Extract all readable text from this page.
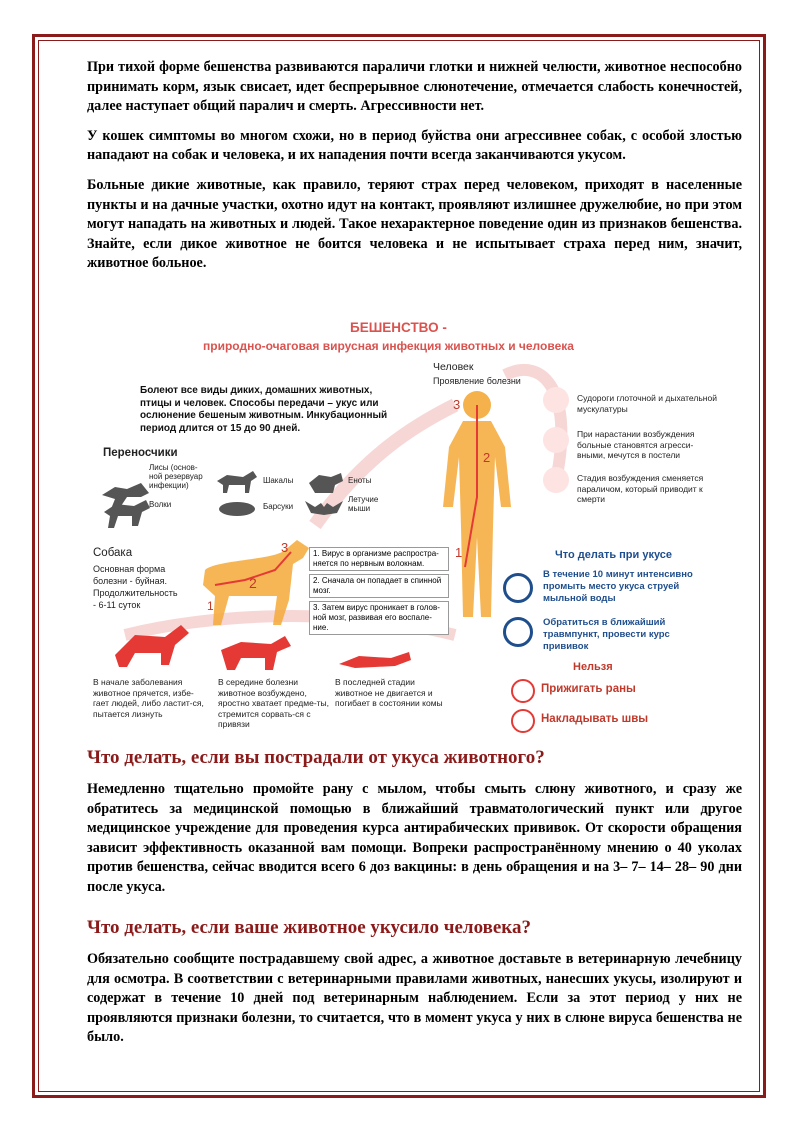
При тихой форме бешенства развиваются параличи глотки и нижней челюсти, животное неспособно принимать корм, язык свисает, идет беспрерывное слюнотечение, отмечается слабость конечностей, далее наступает общий паралич и смерть. Агрессивности нет.

У кошек симптомы во многом схожи, но в период буйства они агрессивнее собак, с особой злостью нападают на собак и человека, и их нападения почти всегда заканчиваются укусом.

Больные дикие животные, как правило, теряют страх перед человеком, приходят в населенные пункты и на дачные участки, охотно идут на контакт, проявляют излишнее дружелюбие, но при этом могут нападать на животных и людей. Такое нехарактерное поведение один из признаков бешенства. Знайте, если дикое животное не боится человека и не испытывает страха перед ним, значит, животное больное.

БЕШЕНСТВО -
природно-очаговая вирусная инфекция животных и человека
Болеют все виды диких, домашних животных, птицы и человек. Способы передачи – укус или ослюнение бешеным животным. Инкубационный период длится от 15 до 90 дней.
Переносчики
Лисы (основ-ной резервуар инфекции)
Волки
Шакалы
Барсуки
Еноты
Летучие мыши
Собака
Основная форма болезни - буйная. Продолжительность - 6-11 суток	1
2
3	1. Вирус в организме распростра-няется по нервным волокнам.
2. Сначала он попадает в спинной мозг.
3. Затем вирус проникает в голов-ной мозг, развивая его воспале-ние.
В начале заболевания животное прячется, избе-гает людей, либо ластит-ся, пытается лизнуть
В середине болезни животное возбуждено, яростно хватает предме-ты, стремится сорвать-ся с привязи
В последней стадии животное не двигается и погибает в состоянии комы
Человек
Проявление болезни
3
2
1
Судороги глоточной и дыхательной мускулатуры
При нарастании возбуждения больные становятся агресси-вными, мечутся в постели
Стадия возбуждения сменяется параличом, который приводит к смерти
Что делать при укусе
В течение 10 минут интенсивно промыть место укуса струей мыльной воды
Обратиться в ближайший травмпункт, провести курс прививок
Нельзя
Прижигать раны
Накладывать швы
Что делать, если вы пострадали от укуса животного?

Немедленно тщательно промойте рану с мылом, чтобы смыть слюну животного, и сразу же обратитесь за медицинской помощью в ближайший травматологический пункт или другое медицинское учреждение для проведения курса антирабических прививок. От скорости обращения зависит эффективность оказанной вам помощи. Вопреки распространённому мнению о 40 уколах против бешенства, сейчас вводится всего 6 доз вакцины: в день обращения и на 3– 7– 14– 28– 90 дни после укуса.

Что делать, если ваше животное укусило человека?

Обязательно сообщите пострадавшему свой адрес, а животное доставьте в ветеринарную лечебницу для осмотра. В соответствии с ветеринарными правилами животных, нанесших укусы, изолируют и содержат в течение 10 дней под ветеринарным наблюдением. Если за этот период у них не проявляются признаки болезни, то считается, что в момент укуса у них в слюне вируса бешенства не было.
